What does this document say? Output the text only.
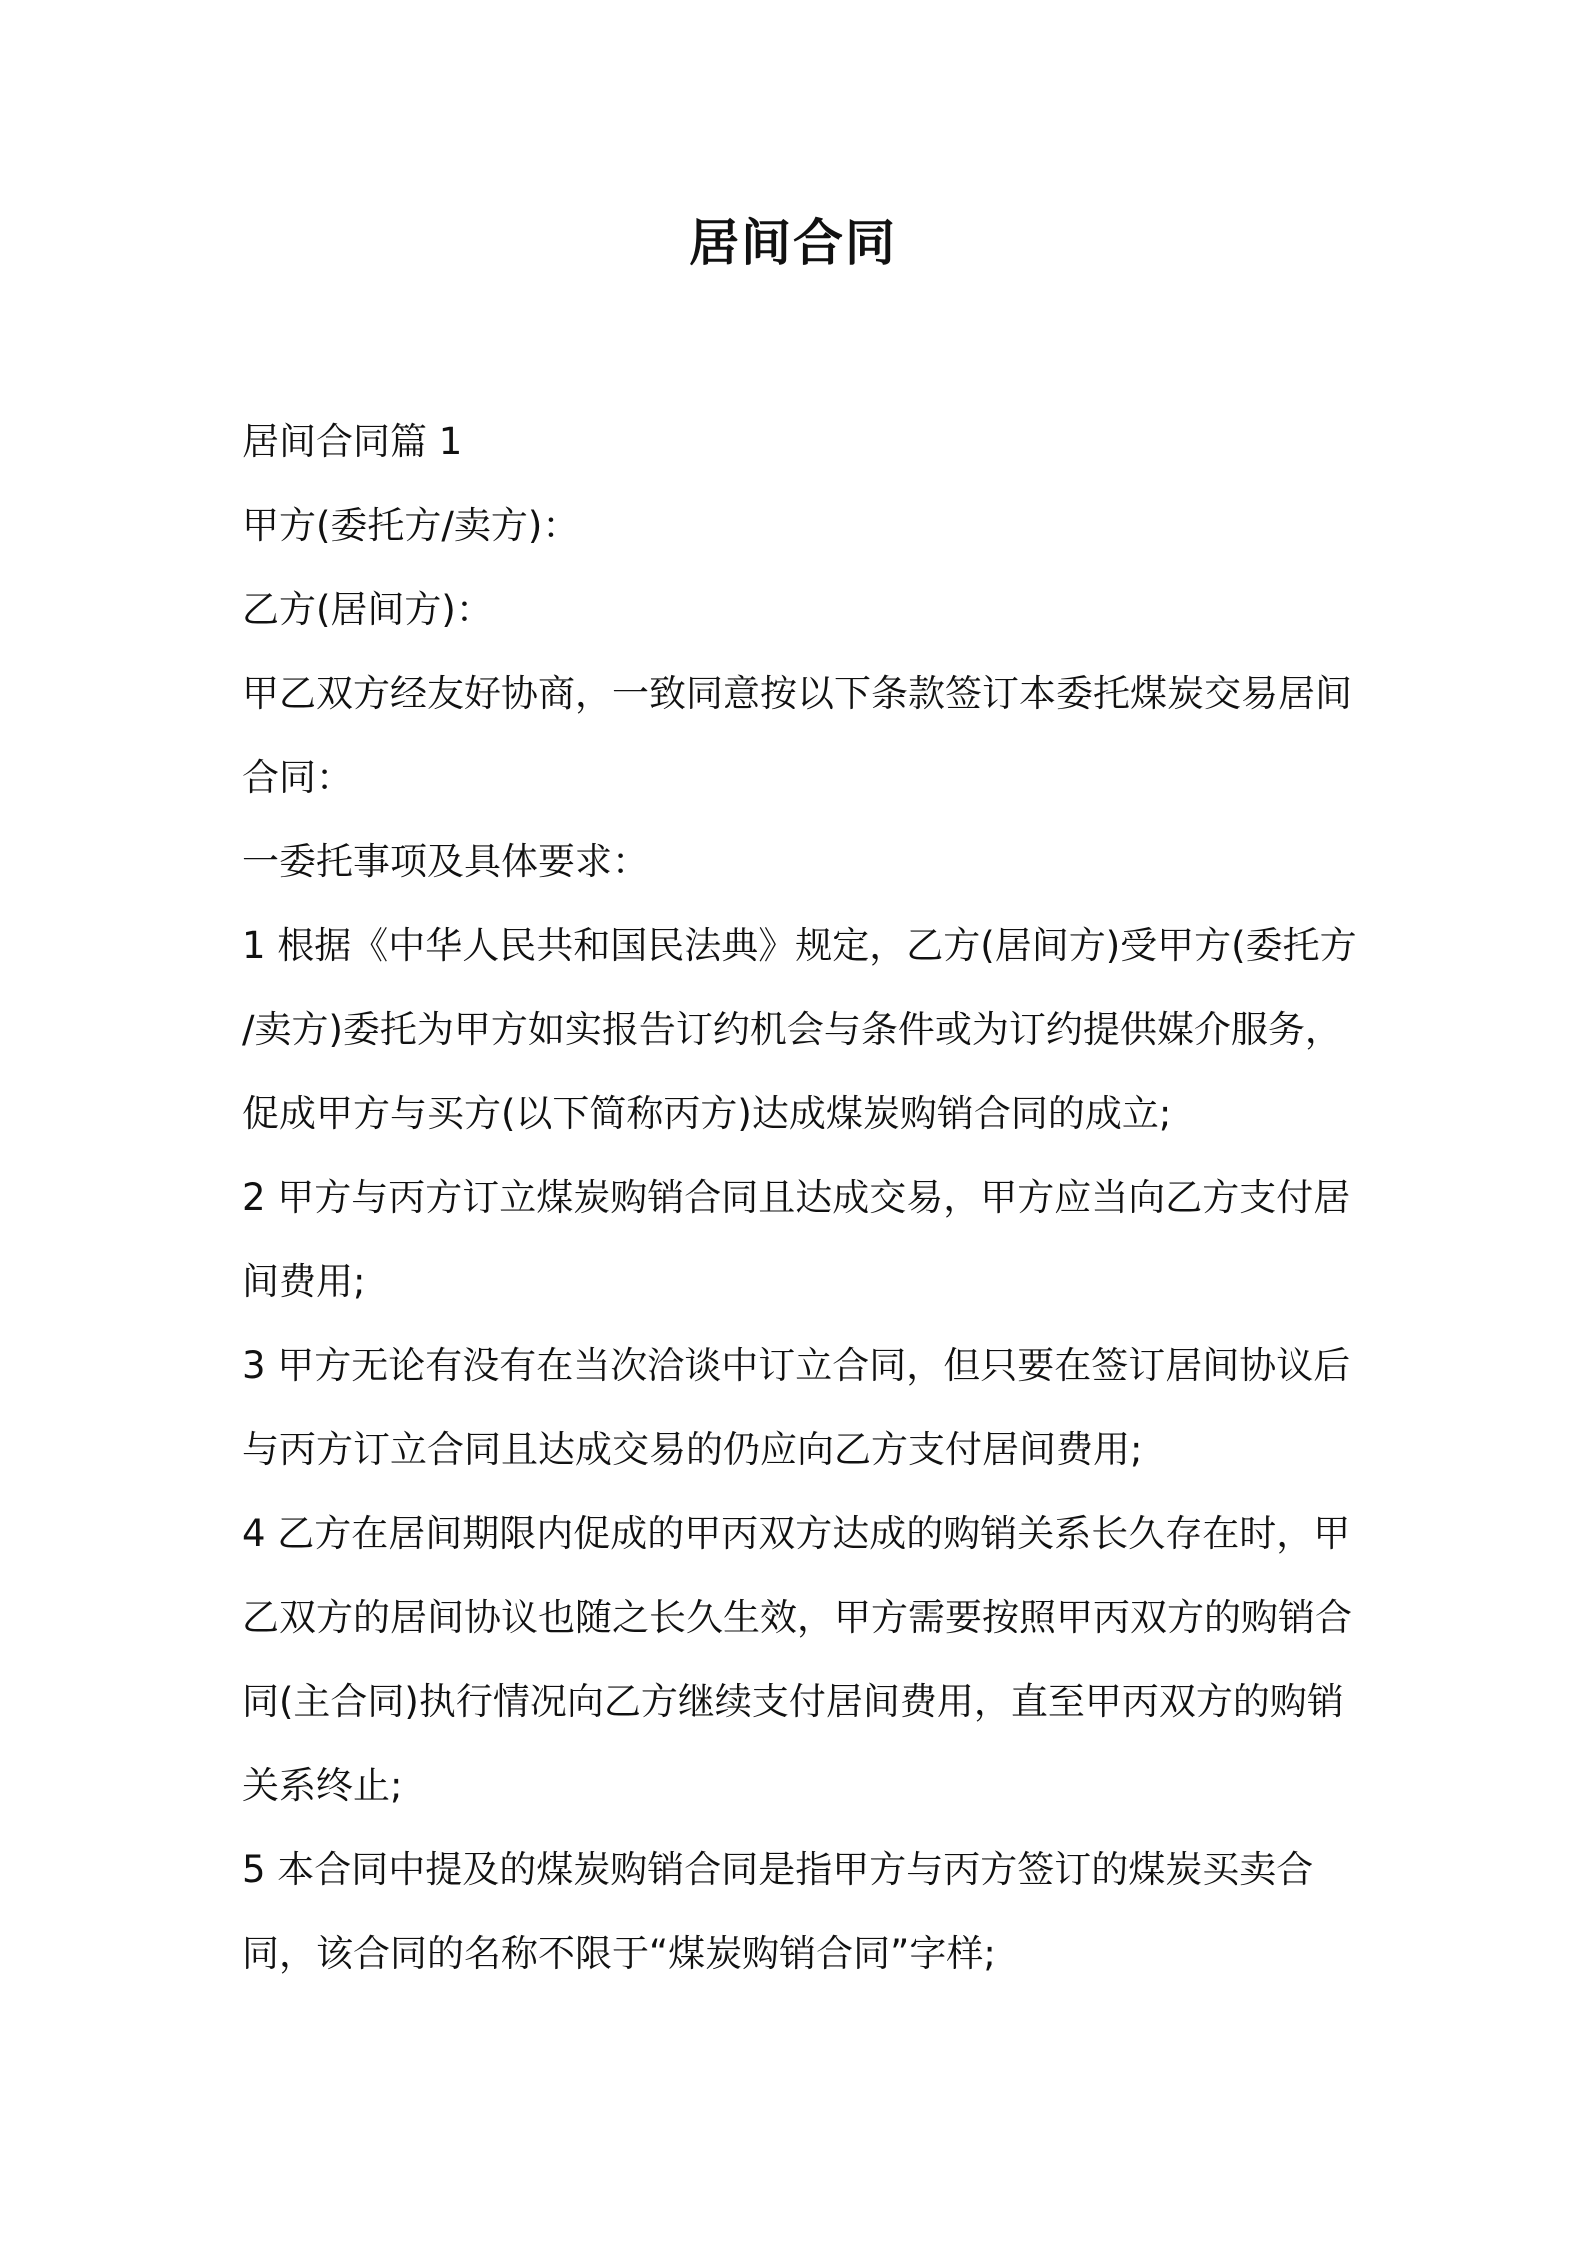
居间合同
居间合同篇 1
甲方(委托方/卖方)：
乙方(居间方)：
甲乙双方经友好协商，一致同意按以下条款签订本委托煤炭交易居间
合同：
一委托事项及具体要求：
1 根据《中华人民共和国民法典》规定，乙方(居间方)受甲方(委托方
/卖方)委托为甲方如实报告订约机会与条件或为订约提供媒介服务，
促成甲方与买方(以下简称丙方)达成煤炭购销合同的成立;
2 甲方与丙方订立煤炭购销合同且达成交易，甲方应当向乙方支付居
间费用;
3 甲方无论有没有在当次洽谈中订立合同，但只要在签订居间协议后
与丙方订立合同且达成交易的仍应向乙方支付居间费用;
4 乙方在居间期限内促成的甲丙双方达成的购销关系长久存在时，甲
乙双方的居间协议也随之长久生效，甲方需要按照甲丙双方的购销合
同(主合同)执行情况向乙方继续支付居间费用，直至甲丙双方的购销
关系终止;
5 本合同中提及的煤炭购销合同是指甲方与丙方签订的煤炭买卖合
同，该合同的名称不限于“煤炭购销合同”字样;
